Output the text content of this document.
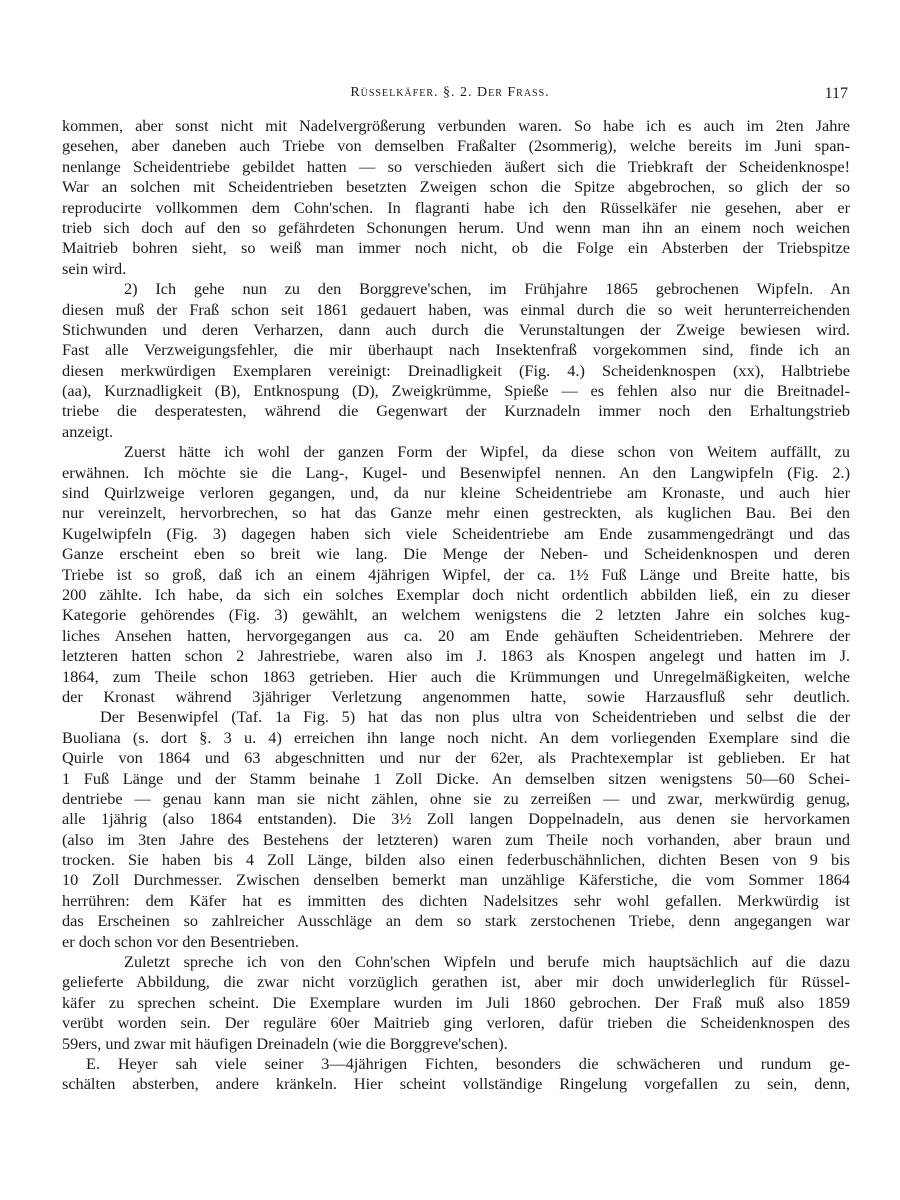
Rüsselkäfer. §. 2. Der Frass.	117
kommen, aber sonst nicht mit Nadelvergrößerung verbunden waren. So habe ich es auch im 2ten Jahre
gesehen, aber daneben auch Triebe von demselben Fraßalter (2sommerig), welche bereits im Juni span-
nenlange Scheidentriebe gebildet hatten — so verschieden äußert sich die Triebkraft der Scheidenknospe!
War an solchen mit Scheidentrieben besetzten Zweigen schon die Spitze abgebrochen, so glich der so
reproducirte vollkommen dem Cohn'schen. In flagranti habe ich den Rüsselkäfer nie gesehen, aber er
trieb sich doch auf den so gefährdeten Schonungen herum. Und wenn man ihn an einem noch weichen
Maitrieb bohren sieht, so weiß man immer noch nicht, ob die Folge ein Absterben der Triebspitze
sein wird.
2) Ich gehe nun zu den Borggreve'schen, im Frühjahre 1865 gebrochenen Wipfeln. An
diesen muß der Fraß schon seit 1861 gedauert haben, was einmal durch die so weit herunterreichenden
Stichwunden und deren Verharzen, dann auch durch die Verunstaltungen der Zweige bewiesen wird.
Fast alle Verzweigungsfehler, die mir überhaupt nach Insektenfraß vorgekommen sind, finde ich an
diesen merkwürdigen Exemplaren vereinigt: Dreinadligkeit (Fig. 4.) Scheidenknospen (xx), Halbtriebe
(aa), Kurznadligkeit (B), Entknospung (D), Zweigkrümme, Spieße — es fehlen also nur die Breitnadel-
triebe die desperatesten, während die Gegenwart der Kurznadeln immer noch den Erhaltungstrieb
anzeigt.
Zuerst hätte ich wohl der ganzen Form der Wipfel, da diese schon von Weitem auffällt, zu
erwähnen. Ich möchte sie die Lang-, Kugel- und Besenwipfel nennen. An den Langwipfeln (Fig. 2.)
sind Quirlzweige verloren gegangen, und, da nur kleine Scheidentriebe am Kronaste, und auch hier
nur vereinzelt, hervorbrechen, so hat das Ganze mehr einen gestreckten, als kuglichen Bau. Bei den
Kugelwipfeln (Fig. 3) dagegen haben sich viele Scheidentriebe am Ende zusammengedrängt und das
Ganze erscheint eben so breit wie lang. Die Menge der Neben- und Scheidenknospen und deren
Triebe ist so groß, daß ich an einem 4jährigen Wipfel, der ca. 1½ Fuß Länge und Breite hatte, bis
200 zählte. Ich habe, da sich ein solches Exemplar doch nicht ordentlich abbilden ließ, ein zu dieser
Kategorie gehörendes (Fig. 3) gewählt, an welchem wenigstens die 2 letzten Jahre ein solches kug-
liches Ansehen hatten, hervorgegangen aus ca. 20 am Ende gehäuften Scheidentrieben. Mehrere der
letzteren hatten schon 2 Jahrestriebe, waren also im J. 1863 als Knospen angelegt und hatten im J.
1864, zum Theile schon 1863 getrieben. Hier auch die Krümmungen und Unregelmäßigkeiten, welche
der Kronast während 3jähriger Verletzung angenommen hatte, sowie Harzausfluß sehr deutlich.
Der Besenwipfel (Taf. 1a Fig. 5) hat das non plus ultra von Scheidentrieben und selbst die der
Buoliana (s. dort §. 3 u. 4) erreichen ihn lange noch nicht. An dem vorliegenden Exemplare sind die
Quirle von 1864 und 63 abgeschnitten und nur der 62er, als Prachtexemplar ist geblieben. Er hat
1 Fuß Länge und der Stamm beinahe 1 Zoll Dicke. An demselben sitzen wenigstens 50—60 Schei-
dentriebe — genau kann man sie nicht zählen, ohne sie zu zerreißen — und zwar, merkwürdig genug,
alle 1jährig (also 1864 entstanden). Die 3½ Zoll langen Doppelnadeln, aus denen sie hervorkamen
(also im 3ten Jahre des Bestehens der letzteren) waren zum Theile noch vorhanden, aber braun und
trocken. Sie haben bis 4 Zoll Länge, bilden also einen federbuschähnlichen, dichten Besen von 9 bis
10 Zoll Durchmesser. Zwischen denselben bemerkt man unzählige Käferstiche, die vom Sommer 1864
herrühren: dem Käfer hat es immitten des dichten Nadelsitzes sehr wohl gefallen. Merkwürdig ist
das Erscheinen so zahlreicher Ausschläge an dem so stark zerstochenen Triebe, denn angegangen war
er doch schon vor den Besentrieben.
Zuletzt spreche ich von den Cohn'schen Wipfeln und berufe mich hauptsächlich auf die dazu
gelieferte Abbildung, die zwar nicht vorzüglich gerathen ist, aber mir doch unwiderleglich für Rüssel-
käfer zu sprechen scheint. Die Exemplare wurden im Juli 1860 gebrochen. Der Fraß muß also 1859
verübt worden sein. Der reguläre 60er Maitrieb ging verloren, dafür trieben die Scheidenknospen des
59ers, und zwar mit häufigen Dreinadeln (wie die Borggreve'schen).
E. Heyer sah viele seiner 3—4jährigen Fichten, besonders die schwächeren und rundum ge-
schälten absterben, andere kränkeln. Hier scheint vollständige Ringelung vorgefallen zu sein, denn,
